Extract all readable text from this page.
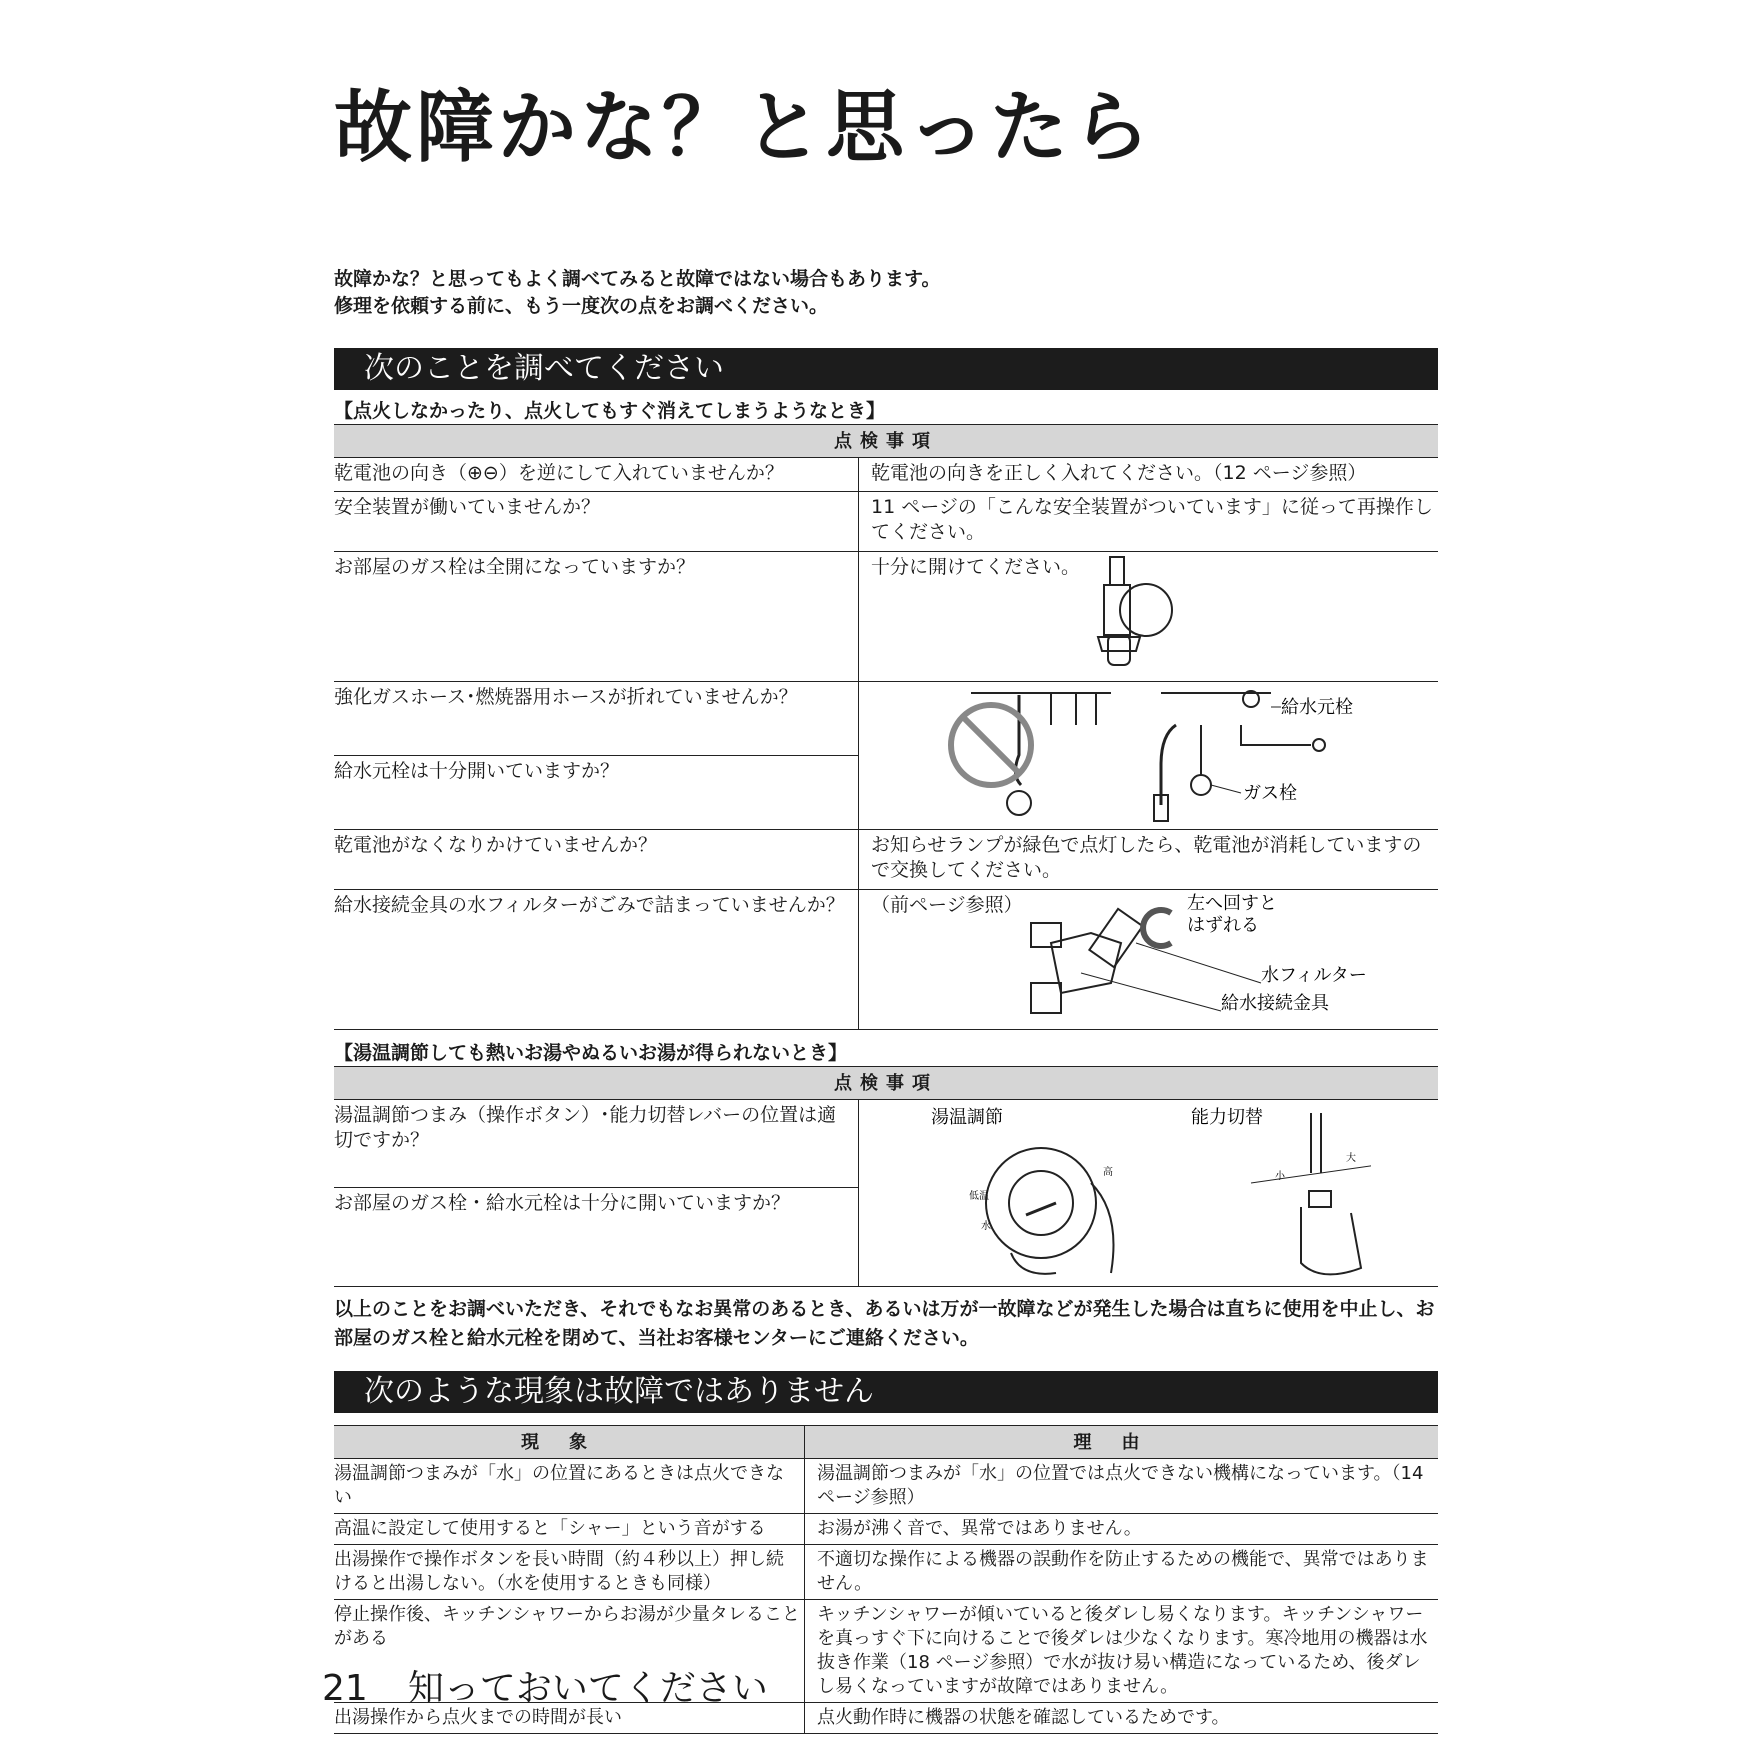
故障かな？と思ったら

故障かな？と思ってもよく調べてみると故障ではない場合もあります。

修理を依頼する前に、もう一度次の点をお調べください。

次のことを調べてください
【点火しなかったり、点火してもすぐ消えてしまうようなとき】
点検事項	
乾電池の向き（⊕⊖）を逆にして入れていませんか？	乾電池の向きを正しく入れてください。（12 ページ参照）
安全装置が働いていませんか？	11 ページの「こんな安全装置がついています」に従って再操作してください。
お部屋のガス栓は全開になっていますか？	十分に開けてください。

強化ガスホース･燃焼器用ホースが折れていませんか？	給水元栓
ガス栓

給水元栓は十分開いていますか？	
乾電池がなくなりかけていませんか？	お知らせランプが緑色で点灯したら、乾電池が消耗していますので交換してください。
給水接続金具の水フィルターがごみで詰まっていませんか？	（前ページ参照） 左へ回すと
はずれる
水フィルター
給水接続金具
【湯温調節しても熱いお湯やぬるいお湯が得られないとき】
点検事項
湯温調節つまみ（操作ボタン）･能力切替レバーの位置は適切ですか？	
湯温調節	能力切替
低温
水
高	小
大

お部屋のガス栓・給水元栓は十分に開いていますか？
以上のことをお調べいただき、それでもなお異常のあるとき、あるいは万が一故障などが発生した場合は直ちに使用を中止し、お部屋のガス栓と給水元栓を閉めて、当社お客様センターにご連絡ください。
次のような現象は故障ではありません
現象	理由
湯温調節つまみが「水」の位置にあるときは点火できない	湯温調節つまみが「水」の位置では点火できない機構になっています。（14 ページ参照）
高温に設定して使用すると「シャー」という音がする	お湯が沸く音で、異常ではありません。
出湯操作で操作ボタンを長い時間（約４秒以上）押し続けると出湯しない。（水を使用するときも同様）	不適切な操作による機器の誤動作を防止するための機能で、異常ではありません。
停止操作後、キッチンシャワーからお湯が少量タレることがある	キッチンシャワーが傾いていると後ダレし易くなります。キッチンシャワーを真っすぐ下に向けることで後ダレは少なくなります。寒冷地用の機器は水抜き作業（18 ページ参照）で水が抜け易い構造になっているため、後ダレし易くなっていますが故障ではありません。
出湯操作から点火までの時間が長い	点火動作時に機器の状態を確認しているためです。
21 知っておいてください
